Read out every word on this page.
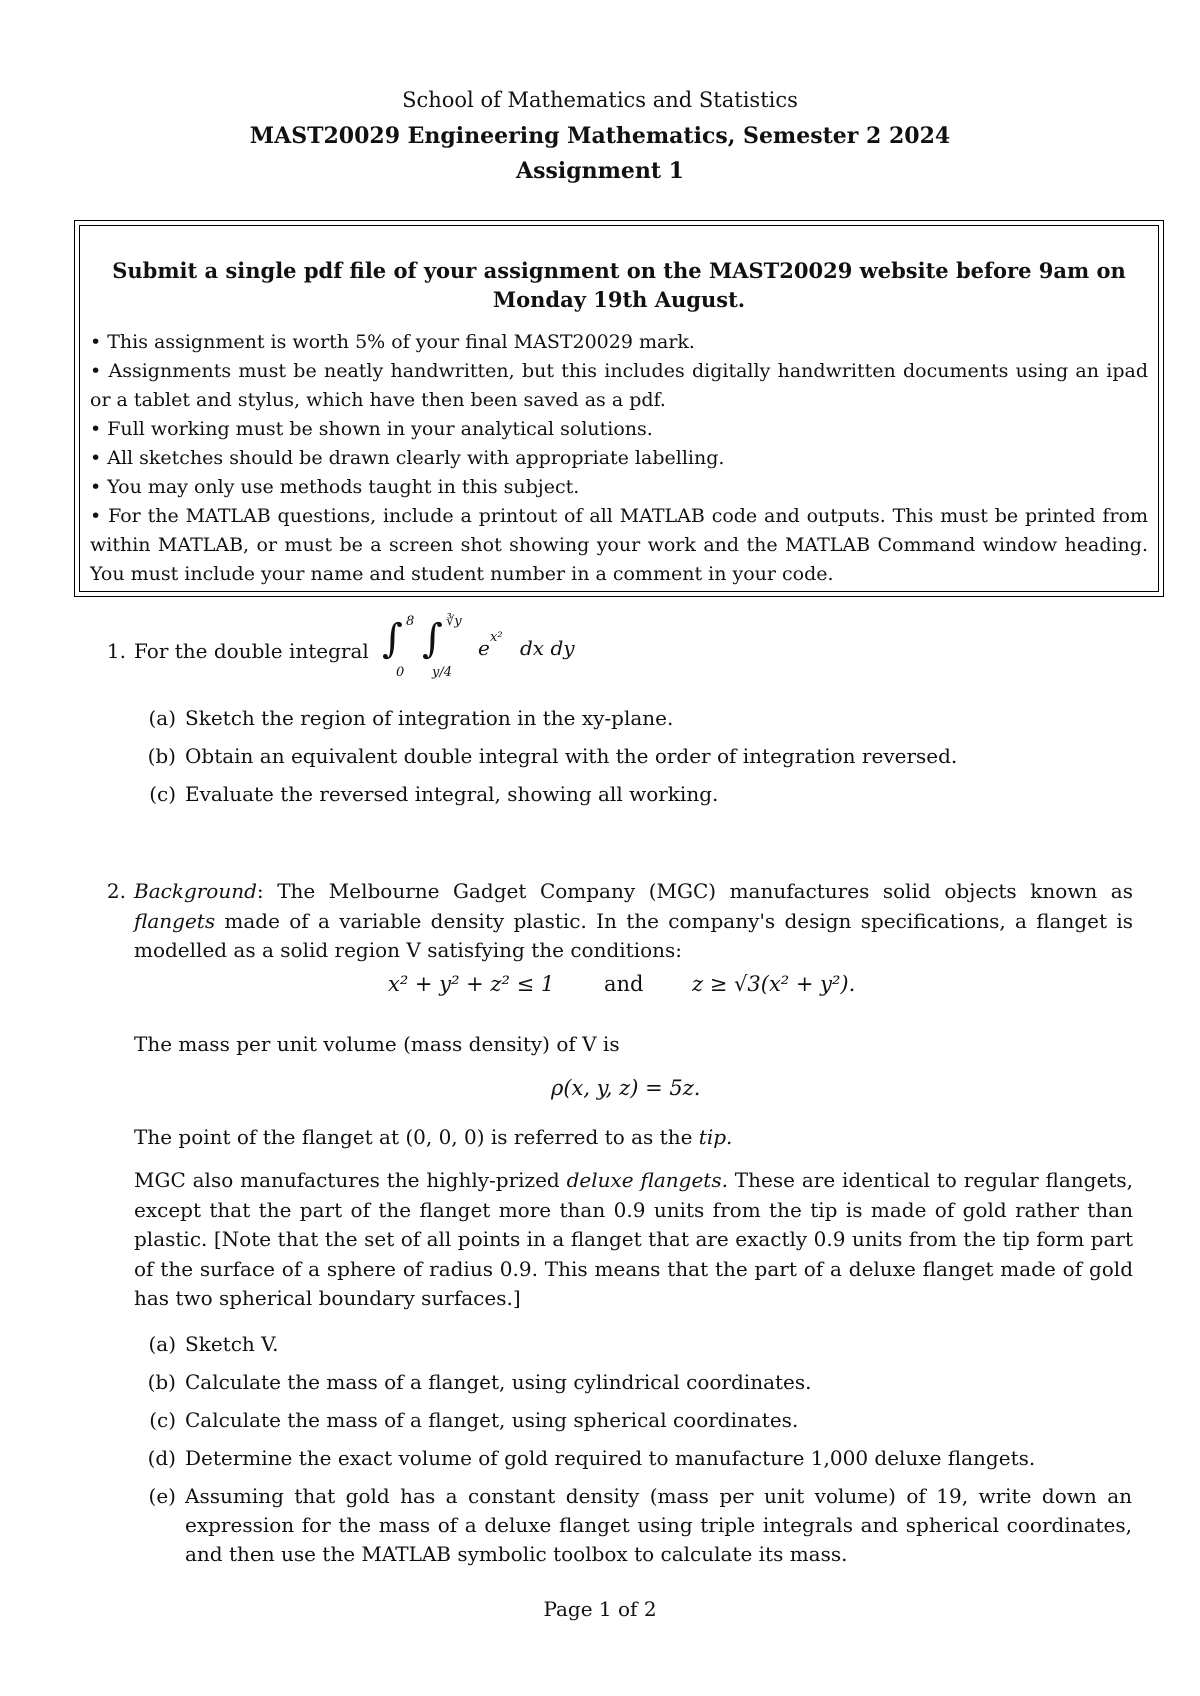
School of Mathematics and Statistics
MAST20029 Engineering Mathematics, Semester 2 2024
Assignment 1
Submit a single pdf file of your assignment on the MAST20029 website before 9am on Monday 19th August.
• This assignment is worth 5% of your final MAST20029 mark.
• Assignments must be neatly handwritten, but this includes digitally handwritten documents using an ipad or a tablet and stylus, which have then been saved as a pdf.
• Full working must be shown in your analytical solutions.
• All sketches should be drawn clearly with appropriate labelling.
• You may only use methods taught in this subject.
• For the MATLAB questions, include a printout of all MATLAB code and outputs. This must be printed from within MATLAB, or must be a screen shot showing your work and the MATLAB Command window heading. You must include your name and student number in a comment in your code.
1. For the double integral ∫ 8
0
∫ ∛y
y/4
e x² dx dy
(a) Sketch the region of integration in the xy-plane.
(b) Obtain an equivalent double integral with the order of integration reversed.
(c) Evaluate the reversed integral, showing all working.
2. Background: The Melbourne Gadget Company (MGC) manufactures solid objects known as flangets made of a variable density plastic. In the company's design specifications, a flanget is modelled as a solid region V satisfying the conditions:
x² + y² + z² ≤ 1 and z ≥ √3(x² + y²).
The mass per unit volume (mass density) of V is
ρ(x, y, z) = 5z.
The point of the flanget at (0, 0, 0) is referred to as the tip.
MGC also manufactures the highly-prized deluxe flangets. These are identical to regular flangets, except that the part of the flanget more than 0.9 units from the tip is made of gold rather than plastic. [Note that the set of all points in a flanget that are exactly 0.9 units from the tip form part of the surface of a sphere of radius 0.9. This means that the part of a deluxe flanget made of gold has two spherical boundary surfaces.]
(a) Sketch V.
(b) Calculate the mass of a flanget, using cylindrical coordinates.
(c) Calculate the mass of a flanget, using spherical coordinates.
(d) Determine the exact volume of gold required to manufacture 1,000 deluxe flangets.
(e) Assuming that gold has a constant density (mass per unit volume) of 19, write down an expression for the mass of a deluxe flanget using triple integrals and spherical coordinates, and then use the MATLAB symbolic toolbox to calculate its mass.
Page 1 of 2
